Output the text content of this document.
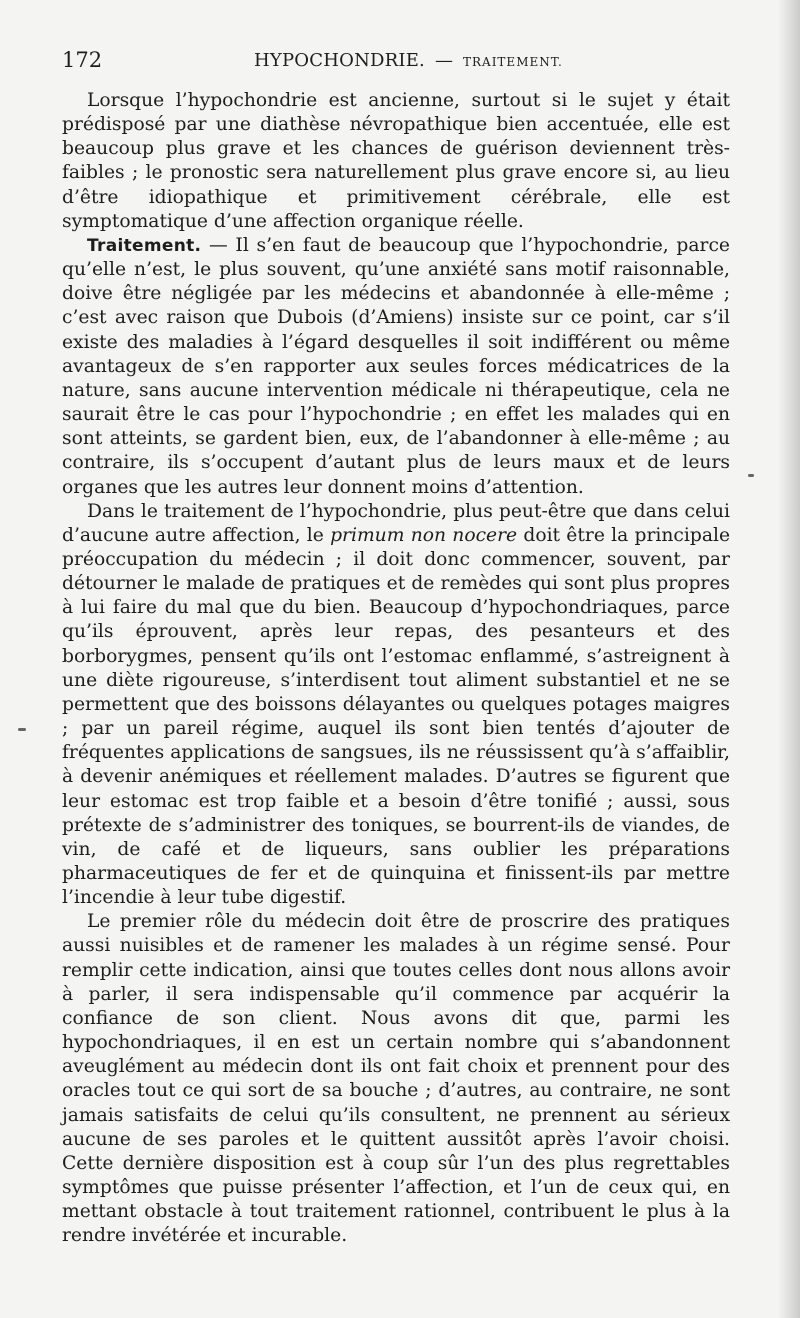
172	HYPOCHONDRIE. — TRAITEMENT.

Lorsque l’hypochondrie est ancienne, surtout si le sujet y était prédisposé par une diathèse névropathique bien accentuée, elle est beaucoup plus grave et les chances de guérison deviennent très-faibles ; le pronostic sera naturellement plus grave encore si, au lieu d’être idiopathique et primitivement cérébrale, elle est symptomatique d’une affection organique réelle.

Traitement. — Il s’en faut de beaucoup que l’hypochondrie, parce qu’elle n’est, le plus souvent, qu’une anxiété sans motif raisonnable, doive être négligée par les médecins et abandonnée à elle-même ; c’est avec raison que Dubois (d’Amiens) insiste sur ce point, car s’il existe des maladies à l’égard desquelles il soit indifférent ou même avantageux de s’en rapporter aux seules forces médicatrices de la nature, sans aucune intervention médicale ni thérapeutique, cela ne saurait être le cas pour l’hypochondrie ; en effet les malades qui en sont atteints, se gardent bien, eux, de l’abandonner à elle-même ; au contraire, ils s’occupent d’autant plus de leurs maux et de leurs organes que les autres leur donnent moins d’attention.

Dans le traitement de l’hypochondrie, plus peut-être que dans celui d’aucune autre affection, le primum non nocere doit être la principale préoccupation du médecin ; il doit donc commencer, souvent, par détourner le malade de pratiques et de remèdes qui sont plus propres à lui faire du mal que du bien. Beaucoup d’hypochondriaques, parce qu’ils éprouvent, après leur repas, des pesanteurs et des borborygmes, pensent qu’ils ont l’estomac enflammé, s’astreignent à une diète rigoureuse, s’interdisent tout aliment substantiel et ne se permettent que des boissons délayantes ou quelques potages maigres ; par un pareil régime, auquel ils sont bien tentés d’ajouter de fréquentes applications de sangsues, ils ne réussissent qu’à s’affaiblir, à devenir anémiques et réellement malades. D’autres se figurent que leur estomac est trop faible et a besoin d’être tonifié ; aussi, sous prétexte de s’administrer des toniques, se bourrent-ils de viandes, de vin, de café et de liqueurs, sans oublier les préparations pharmaceutiques de fer et de quinquina et finissent-ils par mettre l’incendie à leur tube digestif.

Le premier rôle du médecin doit être de proscrire des pratiques aussi nuisibles et de ramener les malades à un régime sensé. Pour remplir cette indication, ainsi que toutes celles dont nous allons avoir à parler, il sera indispensable qu’il commence par acquérir la confiance de son client. Nous avons dit que, parmi les hypochondriaques, il en est un certain nombre qui s’abandonnent aveuglément au médecin dont ils ont fait choix et prennent pour des oracles tout ce qui sort de sa bouche ; d’autres, au contraire, ne sont jamais satisfaits de celui qu’ils consultent, ne prennent au sérieux aucune de ses paroles et le quittent aussitôt après l’avoir choisi. Cette dernière disposition est à coup sûr l’un des plus regrettables symptômes que puisse présenter l’affection, et l’un de ceux qui, en mettant obstacle à tout traitement rationnel, contribuent le plus à la rendre invétérée et incurable.
